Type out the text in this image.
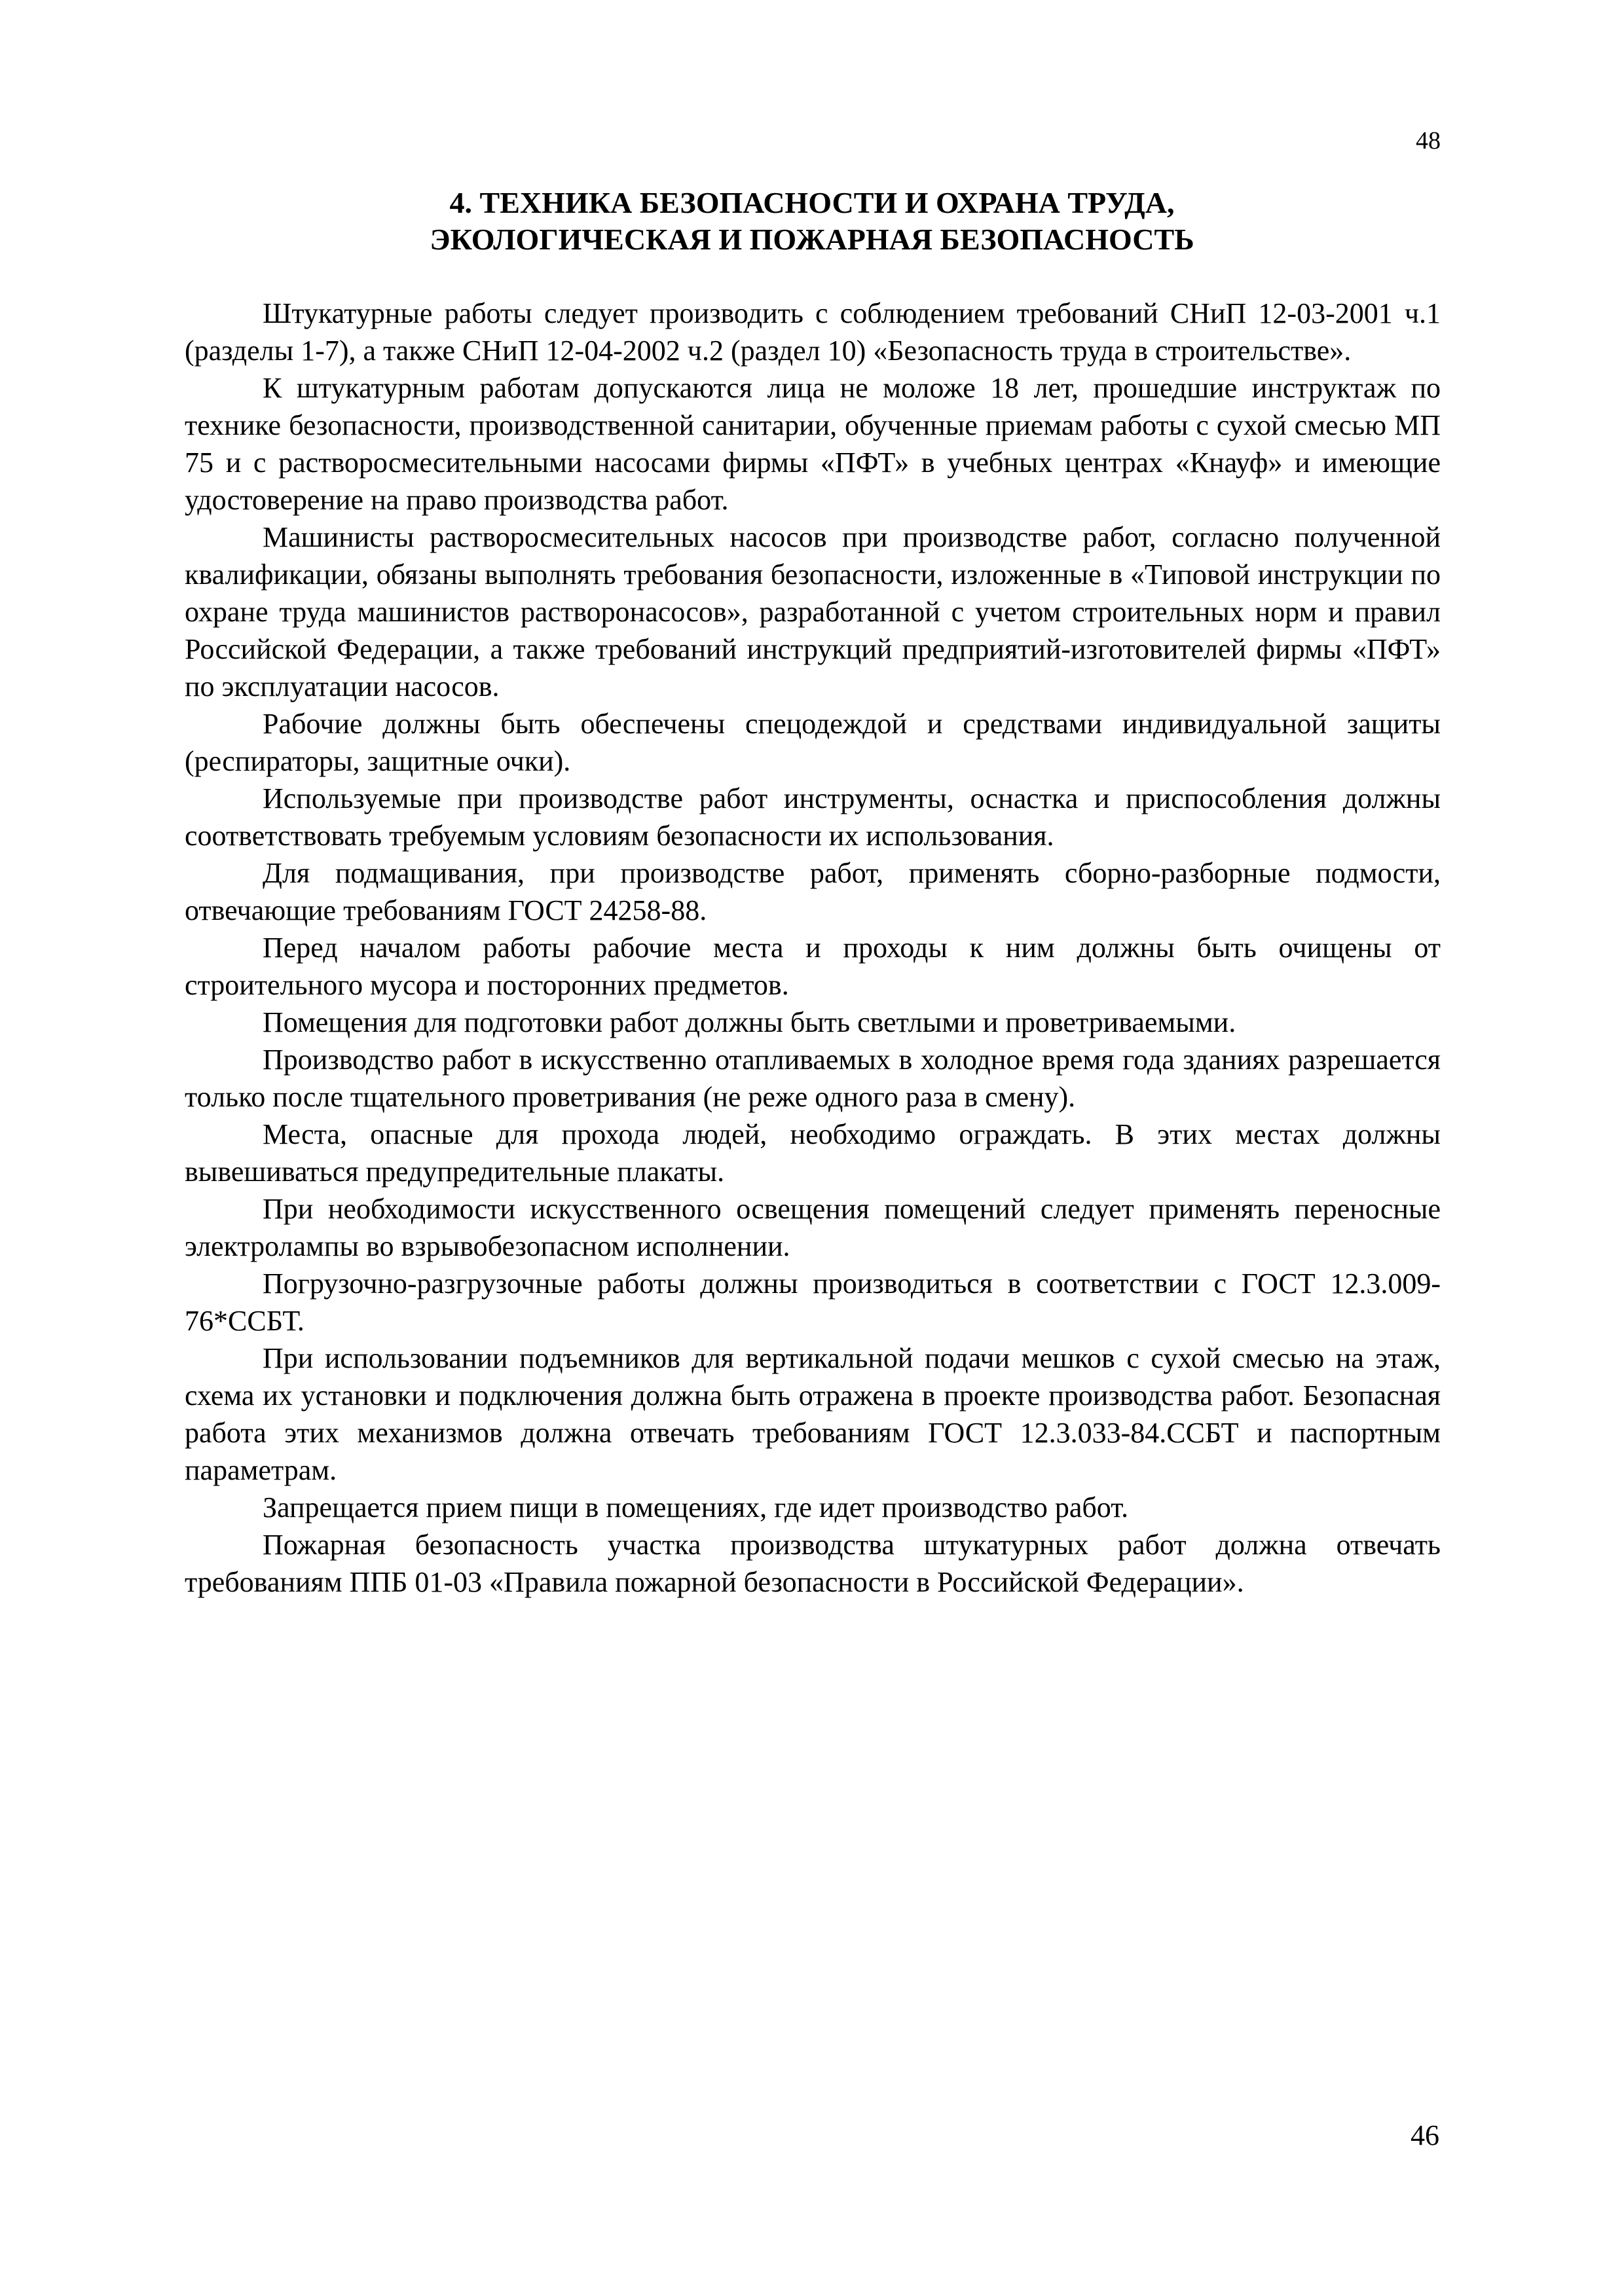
48
4. ТЕХНИКА БЕЗОПАСНОСТИ И ОХРАНА ТРУДА,
ЭКОЛОГИЧЕСКАЯ И ПОЖАРНАЯ БЕЗОПАСНОСТЬ

Штукатурные работы следует производить с соблюдением требований СНиП 12-03-2001 ч.1 (разделы 1-7), а также СНиП 12-04-2002 ч.2 (раздел 10) «Безопасность труда в строительстве».

К штукатурным работам допускаются лица не моложе 18 лет, прошедшие инструктаж по технике безопасности, производственной санитарии, обученные приемам работы с сухой смесью МП 75 и с растворосмесительными насосами фирмы «ПФТ» в учебных центрах «Кнауф» и имеющие удостоверение на право производства работ.

Машинисты растворосмесительных насосов при производстве работ, согласно полученной квалификации, обязаны выполнять требования безопасности, изложенные в «Типовой инструкции по охране труда машинистов растворонасосов», разработанной с учетом строительных норм и правил Российской Федерации, а также требований инструкций предприятий-изготовителей фирмы «ПФТ» по эксплуатации насосов.

Рабочие должны быть обеспечены спецодеждой и средствами индивидуальной защиты (респираторы, защитные очки).

Используемые при производстве работ инструменты, оснастка и приспособления должны соответствовать требуемым условиям безопасности их использования.

Для подмащивания, при производстве работ, применять сборно-разборные подмости, отвечающие требованиям ГОСТ 24258-88.

Перед началом работы рабочие места и проходы к ним должны быть очищены от строительного мусора и посторонних предметов.

Помещения для подготовки работ должны быть светлыми и проветриваемыми.

Производство работ в искусственно отапливаемых в холодное время года зданиях разрешается только после тщательного проветривания (не реже одного раза в смену).

Места, опасные для прохода людей, необходимо ограждать. В этих местах должны вывешиваться предупредительные плакаты.

При необходимости искусственного освещения помещений следует применять переносные электролампы во взрывобезопасном исполнении.

Погрузочно-разгрузочные работы должны производиться в соответствии с ГОСТ 12.3.009-76*ССБТ.

При использовании подъемников для вертикальной подачи мешков с сухой смесью на этаж, схема их установки и подключения должна быть отражена в проекте производства работ. Безопасная работа этих механизмов должна отвечать требованиям ГОСТ 12.3.033-84.ССБТ и паспортным параметрам.

Запрещается прием пищи в помещениях, где идет производство работ.

Пожарная безопасность участка производства штукатурных работ должна отвечать требованиям ППБ 01-03 «Правила пожарной безопасности в Российской Федерации».

46
